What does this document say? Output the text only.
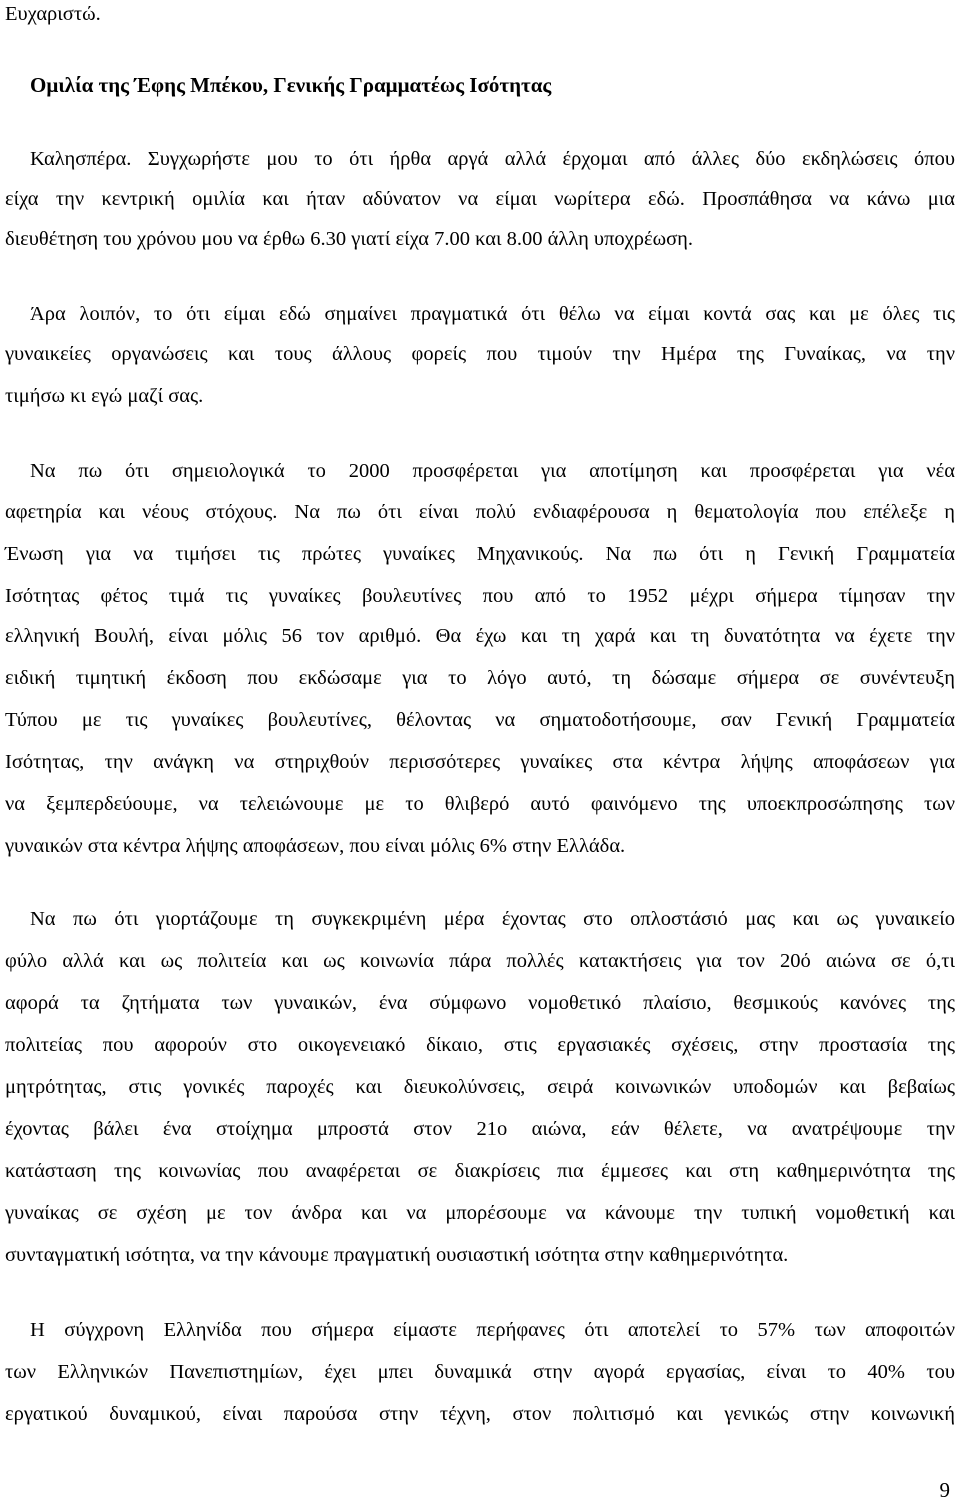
Ευχαριστώ.
Ομιλία της Έφης Μπέκου, Γενικής Γραμματέως Ισότητας
Καλησπέρα. Συγχωρήστε μου το ότι ήρθα αργά αλλά έρχομαι από άλλες δύο εκδηλώσεις όπου
είχα την κεντρική ομιλία και ήταν αδύνατον να είμαι νωρίτερα εδώ. Προσπάθησα να κάνω μια
διευθέτηση του χρόνου μου να έρθω 6.30 γιατί είχα 7.00 και 8.00 άλλη υποχρέωση.
Άρα λοιπόν, το ότι είμαι εδώ σημαίνει πραγματικά ότι θέλω να είμαι κοντά σας και με όλες τις
γυναικείες οργανώσεις και τους άλλους φορείς που τιμούν την Ημέρα της Γυναίκας, να την
τιμήσω κι εγώ μαζί σας.
Να πω ότι σημειολογικά το 2000 προσφέρεται για αποτίμηση και προσφέρεται για νέα
αφετηρία και νέους στόχους. Να πω ότι είναι πολύ ενδιαφέρουσα η θεματολογία που επέλεξε η
Ένωση για να τιμήσει τις πρώτες γυναίκες Μηχανικούς. Να πω ότι η Γενική Γραμματεία
Ισότητας φέτος τιμά τις γυναίκες βουλευτίνες που από το 1952 μέχρι σήμερα τίμησαν την
ελληνική Βουλή, είναι μόλις 56 τον αριθμό. Θα έχω και τη χαρά και τη δυνατότητα να έχετε την
ειδική τιμητική έκδοση που εκδώσαμε για το λόγο αυτό, τη δώσαμε σήμερα σε συνέντευξη
Τύπου με τις γυναίκες βουλευτίνες, θέλοντας να σηματοδοτήσουμε, σαν Γενική Γραμματεία
Ισότητας, την ανάγκη να στηριχθούν περισσότερες γυναίκες στα κέντρα λήψης αποφάσεων για
να ξεμπερδεύουμε, να τελειώνουμε με το θλιβερό αυτό φαινόμενο της υποεκπροσώπησης των
γυναικών στα κέντρα λήψης αποφάσεων, που είναι μόλις 6% στην Ελλάδα.
Να πω ότι γιορτάζουμε τη συγκεκριμένη μέρα έχοντας στο οπλοστάσιό μας και ως γυναικείο
φύλο αλλά και ως πολιτεία και ως κοινωνία πάρα πολλές κατακτήσεις για τον 20ό αιώνα σε ό,τι
αφορά τα ζητήματα των γυναικών, ένα σύμφωνο νομοθετικό πλαίσιο, θεσμικούς κανόνες της
πολιτείας που αφορούν στο οικογενειακό δίκαιο, στις εργασιακές σχέσεις, στην προστασία της
μητρότητας, στις γονικές παροχές και διευκολύνσεις, σειρά κοινωνικών υποδομών και βεβαίως
έχοντας βάλει ένα στοίχημα μπροστά στον 21ο αιώνα, εάν θέλετε, να ανατρέψουμε την
κατάσταση της κοινωνίας που αναφέρεται σε διακρίσεις πια έμμεσες και στη καθημερινότητα της
γυναίκας σε σχέση με τον άνδρα και να μπορέσουμε να κάνουμε την τυπική νομοθετική και
συνταγματική ισότητα, να την κάνουμε πραγματική ουσιαστική ισότητα στην καθημερινότητα.
Η σύγχρονη Ελληνίδα που σήμερα είμαστε περήφανες ότι αποτελεί το 57% των αποφοιτών
των Ελληνικών Πανεπιστημίων, έχει μπει δυναμικά στην αγορά εργασίας, είναι το 40% του
εργατικού δυναμικού, είναι παρούσα στην τέχνη, στον πολιτισμό και γενικώς στην κοινωνική
9
